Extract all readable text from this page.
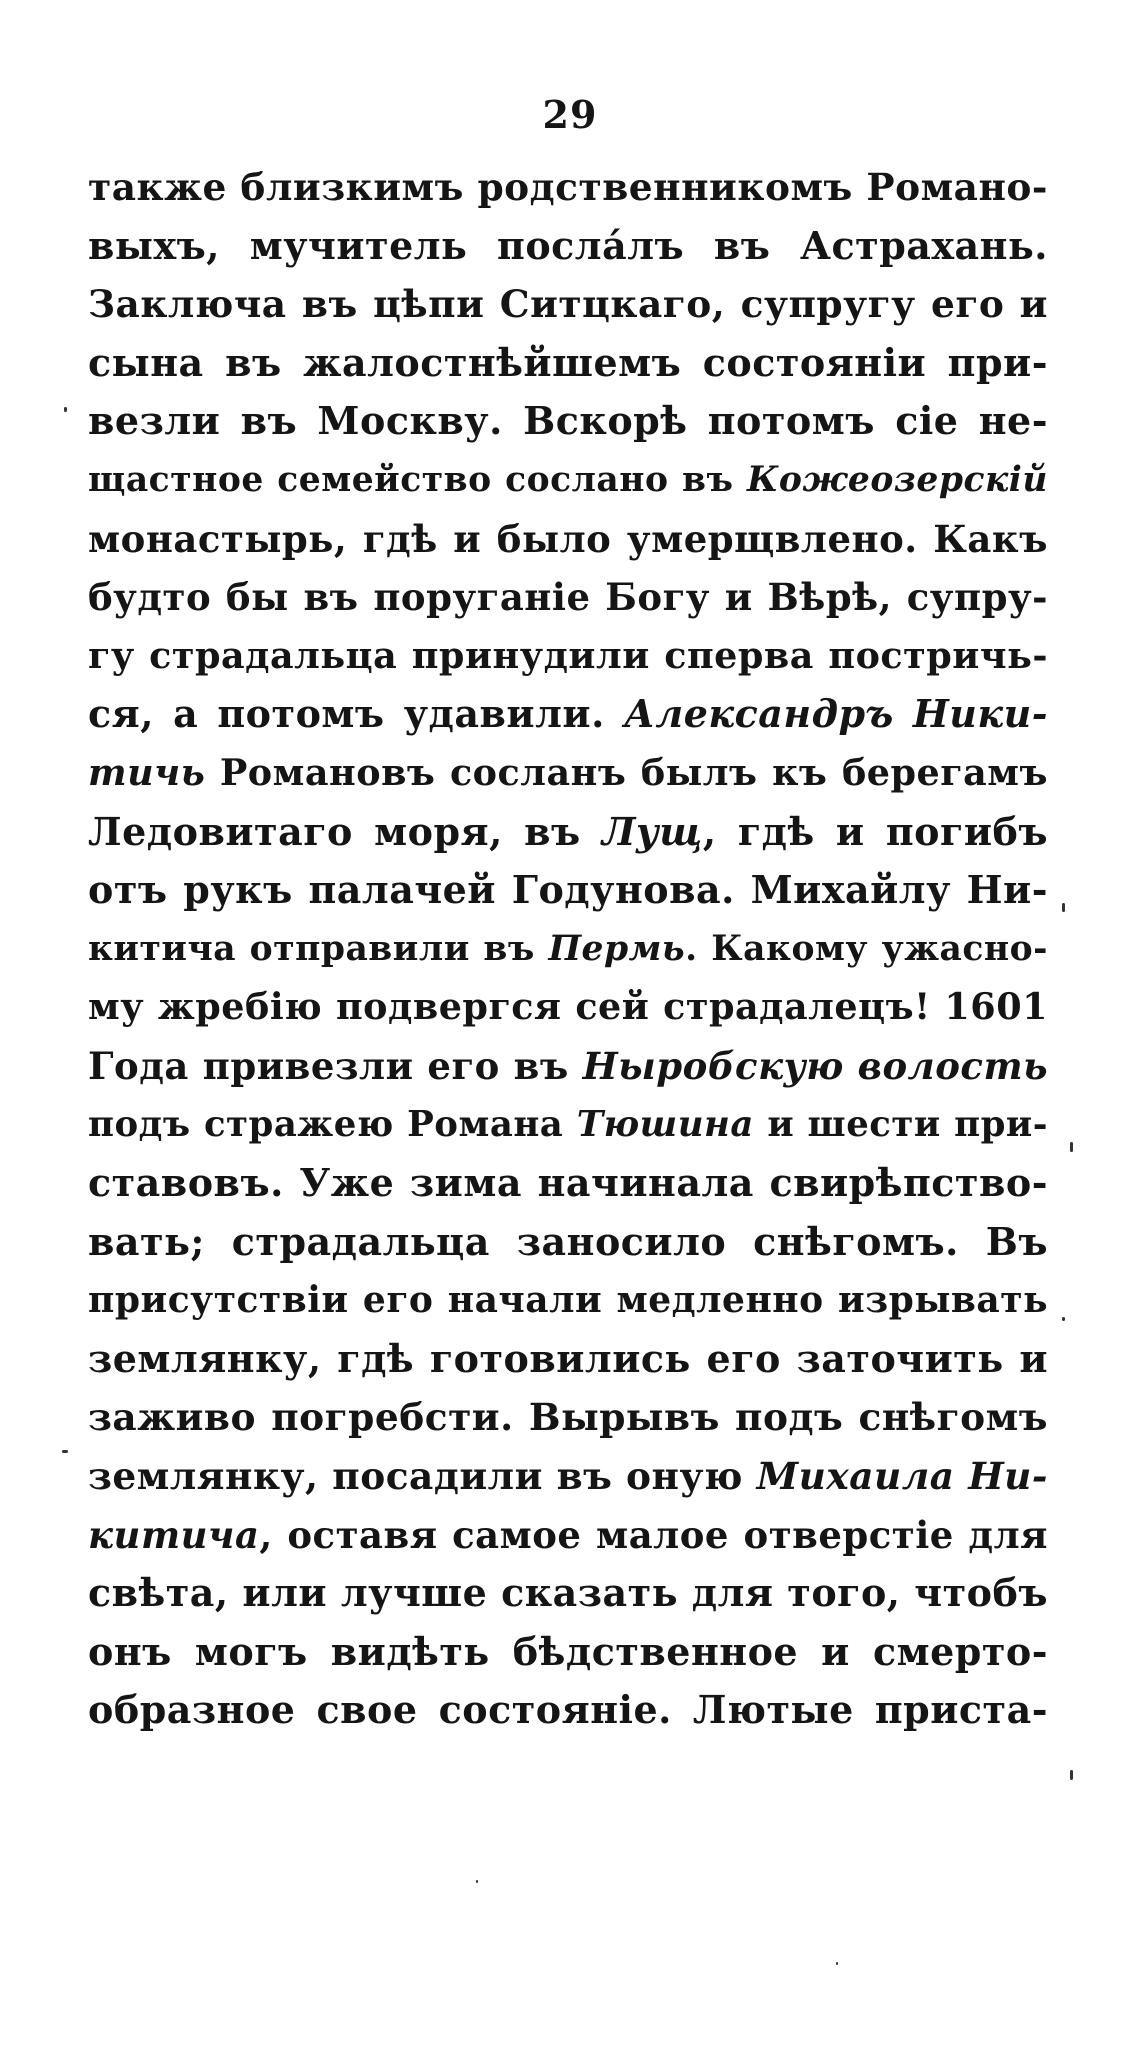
29
также близкимъ родственникомъ Романо-
выхъ, мучитель посла́лъ въ Астрахань.
Заключа въ цѣпи Ситцкаго, супругу его и
сына въ жалостнѣйшемъ состояніи при-
везли въ Москву. Вскорѣ потомъ сіе не-
щастное семейство сослано въ Кожеозерскій
монастырь, гдѣ и было умерщвлено. Какъ
будто бы въ поруганіе Богу и Вѣрѣ, супру-
гу страдальца принудили сперва постричь-
ся, а потомъ удавили. Александръ Ники-
тичь Романовъ сосланъ былъ къ берегамъ
Ледовитаго моря, въ Лущ, гдѣ и погибъ
отъ рукъ палачей Годунова. Михайлу Ни-
китича отправили въ Пермь. Какому ужасно-
му жребію подвергся сей страдалецъ! 1601
Года привезли его въ Ныробскую волость
подъ стражею Романа Тюшина и шести при-
ставовъ. Уже зима начинала свирѣпство-
вать; страдальца заносило снѣгомъ. Въ
присутствіи его начали медленно изрывать
землянку, гдѣ готовились его заточить и
заживо погребсти. Вырывъ подъ снѣгомъ
землянку, посадили въ оную Михаила Ни-
китича, оставя самое малое отверстіе для
свѣта, или лучше сказать для того, чтобъ
онъ могъ видѣть бѣдственное и смерто-
образное свое состояніе. Лютые приста-
